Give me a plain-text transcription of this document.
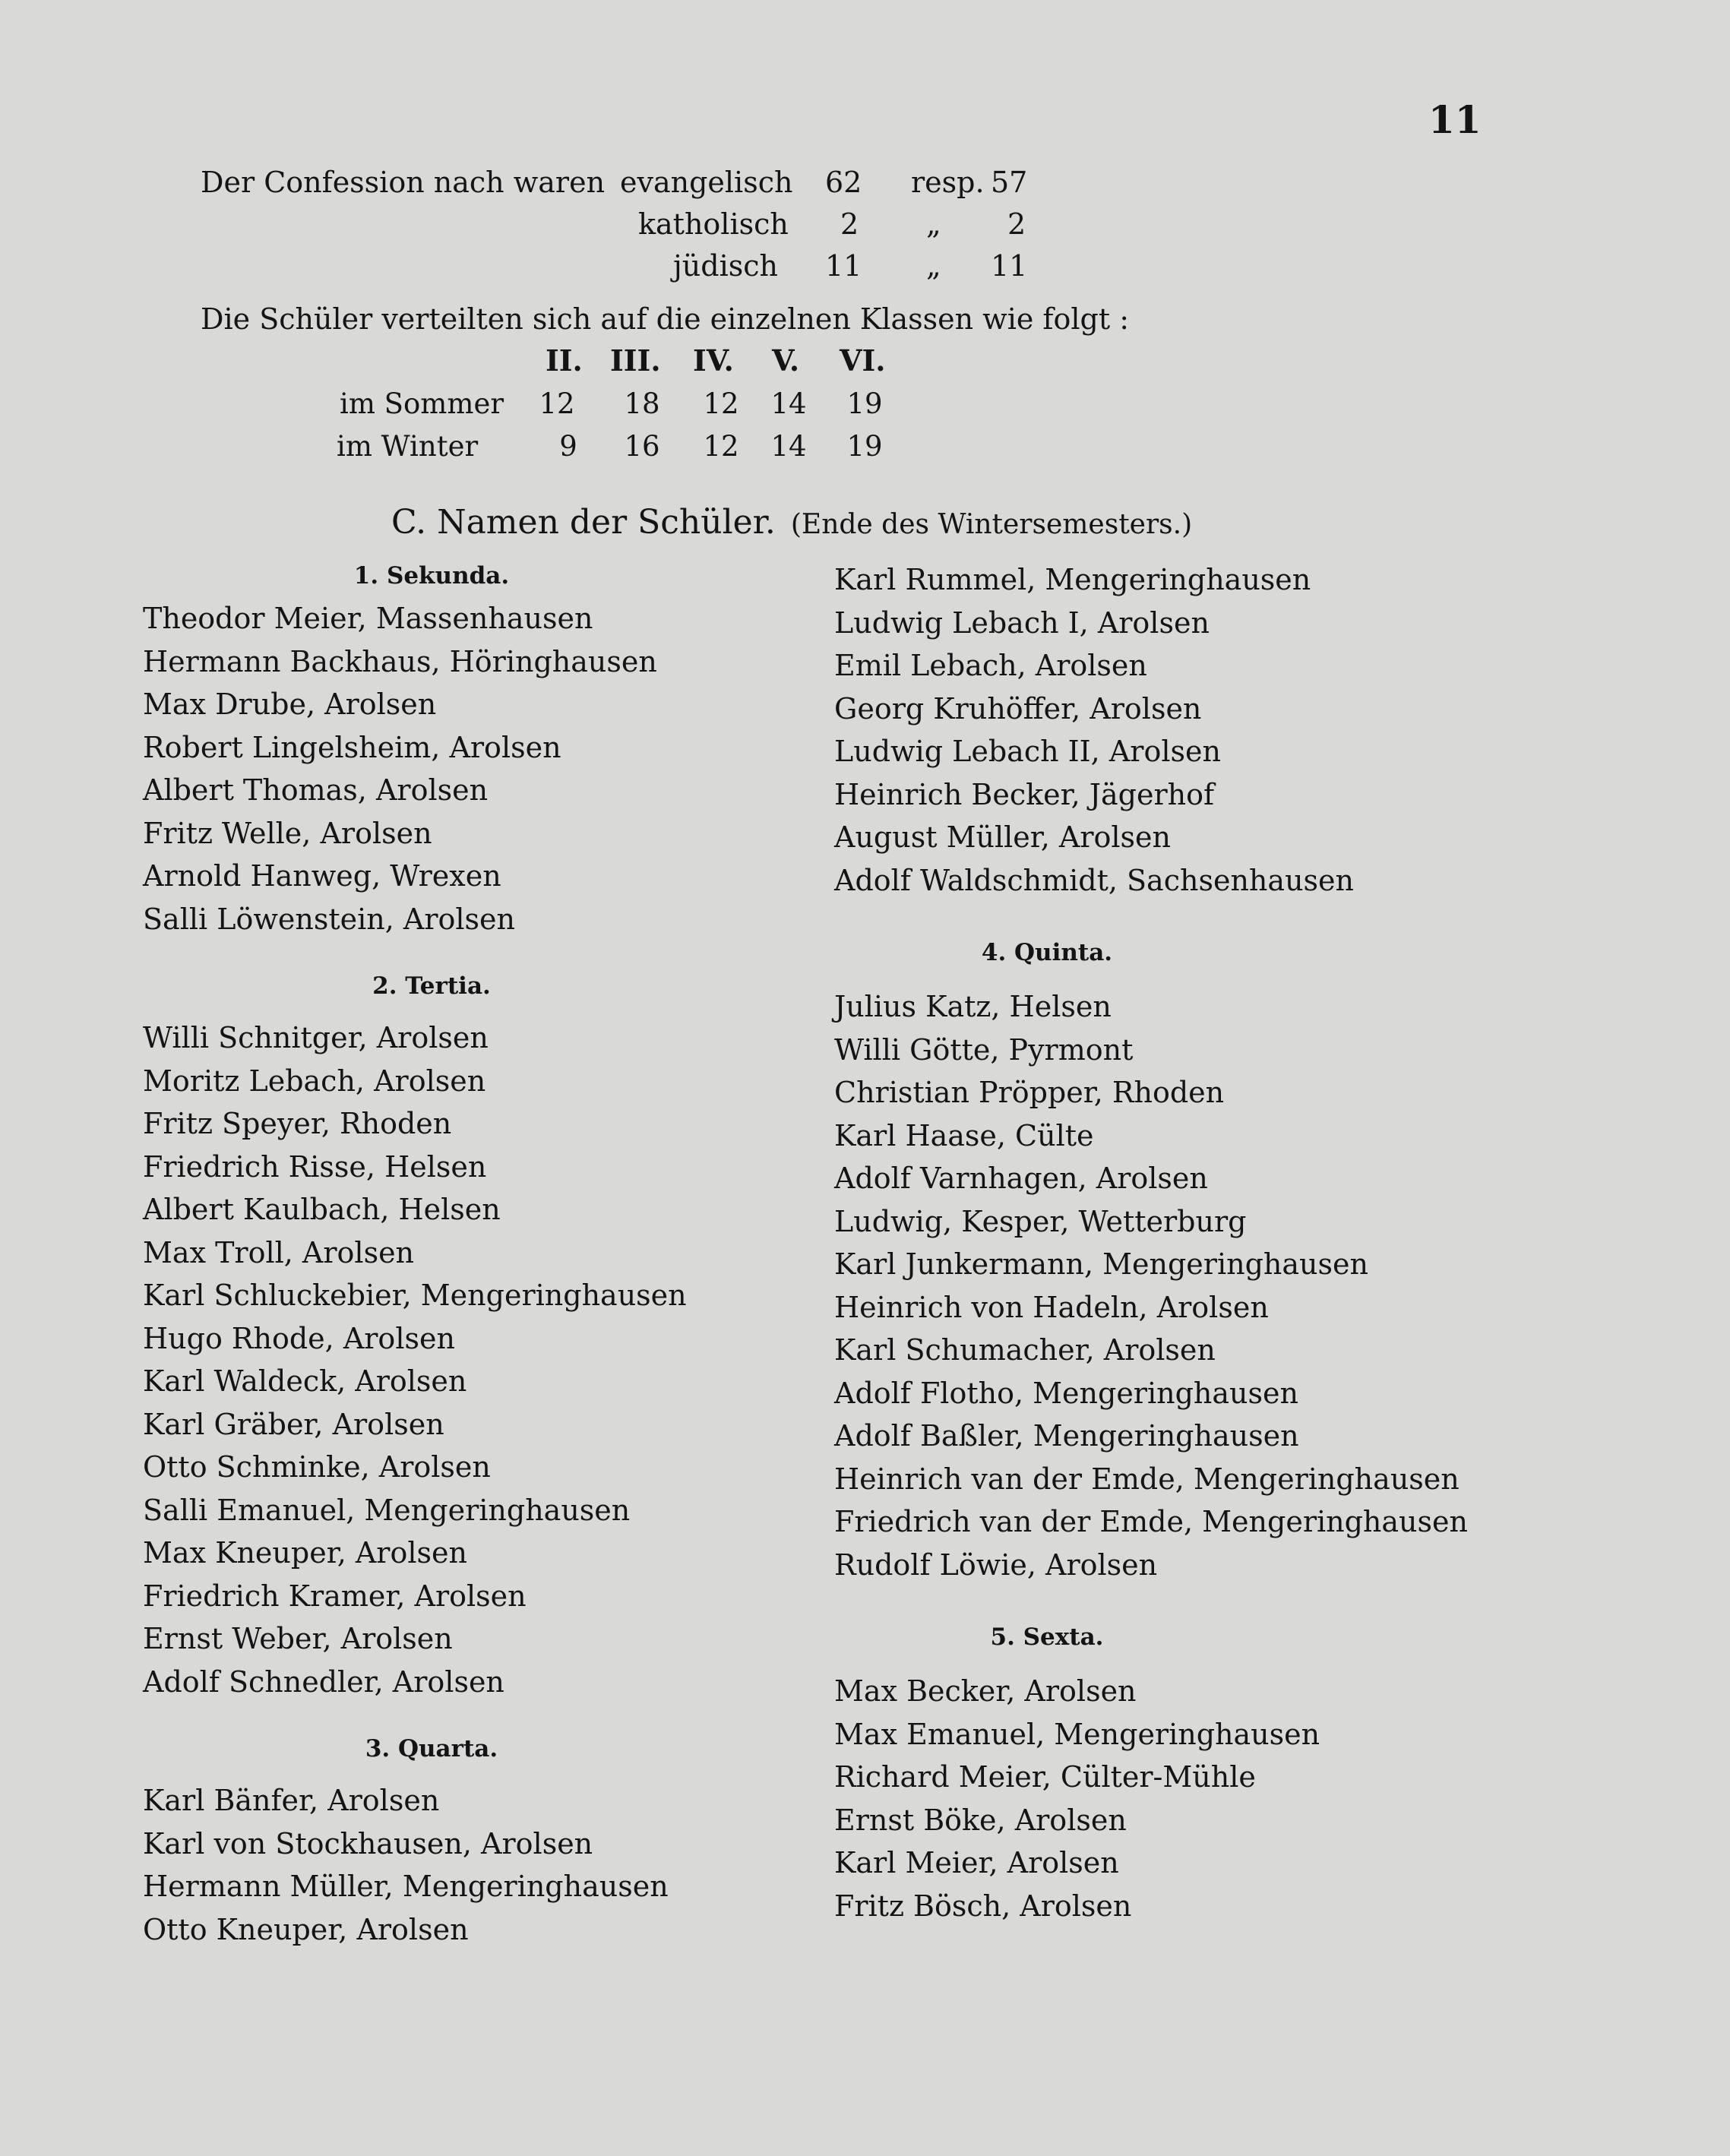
11
Der Confession nach waren evangelisch 62 resp. 57
katholisch 2 „ 2
jüdisch 11 „ 11
Die Schüler verteilten sich auf die einzelnen Klassen wie folgt :
II. III. IV. V. VI.
im Sommer	12	18	12	14	19
im Winter	9	16	12	14	19
C. Namen der Schüler. (Ende des Wintersemesters.)
1. Sekunda.
Theodor Meier, Massenhausen
Hermann Backhaus, Höringhausen
Max Drube, Arolsen
Robert Lingelsheim, Arolsen
Albert Thomas, Arolsen
Fritz Welle, Arolsen
Arnold Hanweg, Wrexen
Salli Löwenstein, Arolsen
2. Tertia.
Willi Schnitger, Arolsen
Moritz Lebach, Arolsen
Fritz Speyer, Rhoden
Friedrich Risse, Helsen
Albert Kaulbach, Helsen
Max Troll, Arolsen
Karl Schluckebier, Mengeringhausen
Hugo Rhode, Arolsen
Karl Waldeck, Arolsen
Karl Gräber, Arolsen
Otto Schminke, Arolsen
Salli Emanuel, Mengeringhausen
Max Kneuper, Arolsen
Friedrich Kramer, Arolsen
Ernst Weber, Arolsen
Adolf Schnedler, Arolsen
3. Quarta.
Karl Bänfer, Arolsen
Karl von Stockhausen, Arolsen
Hermann Müller, Mengeringhausen
Otto Kneuper, Arolsen
Karl Rummel, Mengeringhausen
Ludwig Lebach I, Arolsen
Emil Lebach, Arolsen
Georg Kruhöffer, Arolsen
Ludwig Lebach II, Arolsen
Heinrich Becker, Jägerhof
August Müller, Arolsen
Adolf Waldschmidt, Sachsenhausen
4. Quinta.
Julius Katz, Helsen
Willi Götte, Pyrmont
Christian Pröpper, Rhoden
Karl Haase, Cülte
Adolf Varnhagen, Arolsen
Ludwig, Kesper, Wetterburg
Karl Junkermann, Mengeringhausen
Heinrich von Hadeln, Arolsen
Karl Schumacher, Arolsen
Adolf Flotho, Mengeringhausen
Adolf Baßler, Mengeringhausen
Heinrich van der Emde, Mengeringhausen
Friedrich van der Emde, Mengeringhausen
Rudolf Löwie, Arolsen
5. Sexta.
Max Becker, Arolsen
Max Emanuel, Mengeringhausen
Richard Meier, Cülter-Mühle
Ernst Böke, Arolsen
Karl Meier, Arolsen
Fritz Bösch, Arolsen
